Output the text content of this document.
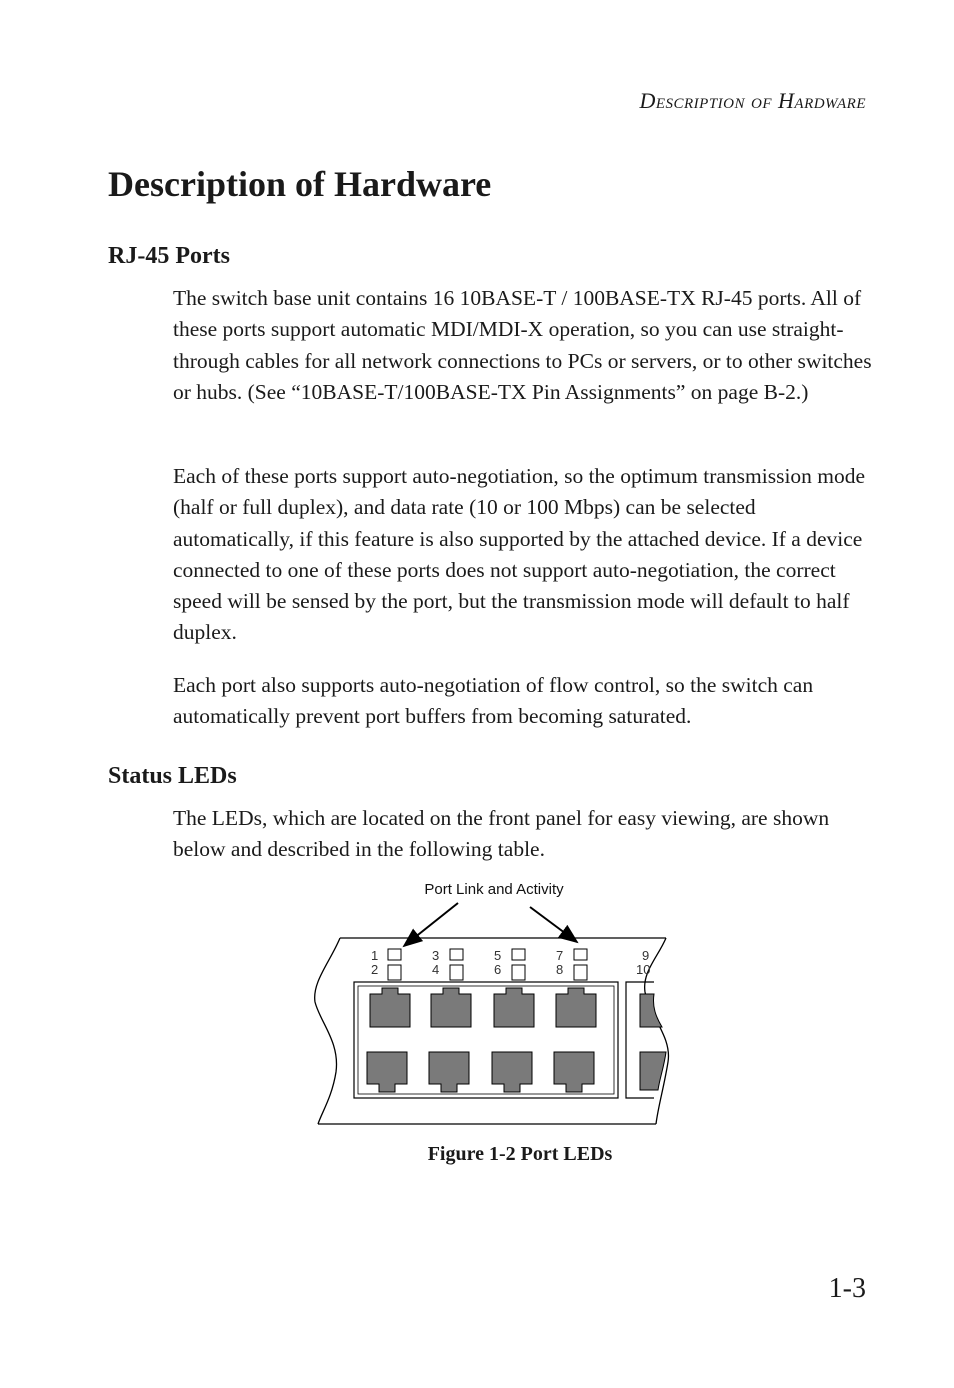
Description of Hardware
Description of Hardware
RJ-45 Ports

The switch base unit contains 16 10BASE-T / 100BASE-TX RJ-45 ports. All of these ports support automatic MDI/MDI-X operation, so you can use straight-through cables for all network connections to PCs or servers, or to other switches or hubs. (See “10BASE-T/100BASE-TX Pin Assignments” on page B-2.)

Each of these ports support auto-negotiation, so the optimum transmission mode (half or full duplex), and data rate (10 or 100 Mbps) can be selected automatically, if this feature is also supported by the attached device. If a device connected to one of these ports does not support auto-negotiation, the correct speed will be sensed by the port, but the transmission mode will default to half duplex.

Each port also supports auto-negotiation of flow control, so the switch can automatically prevent port buffers from becoming saturated.

Status LEDs

The LEDs, which are located on the front panel for easy viewing, are shown below and described in the following table.

Port Link and Activity
1
2
3
4
5
6
7
8
9
10
Figure 1-2 Port LEDs
1-3
